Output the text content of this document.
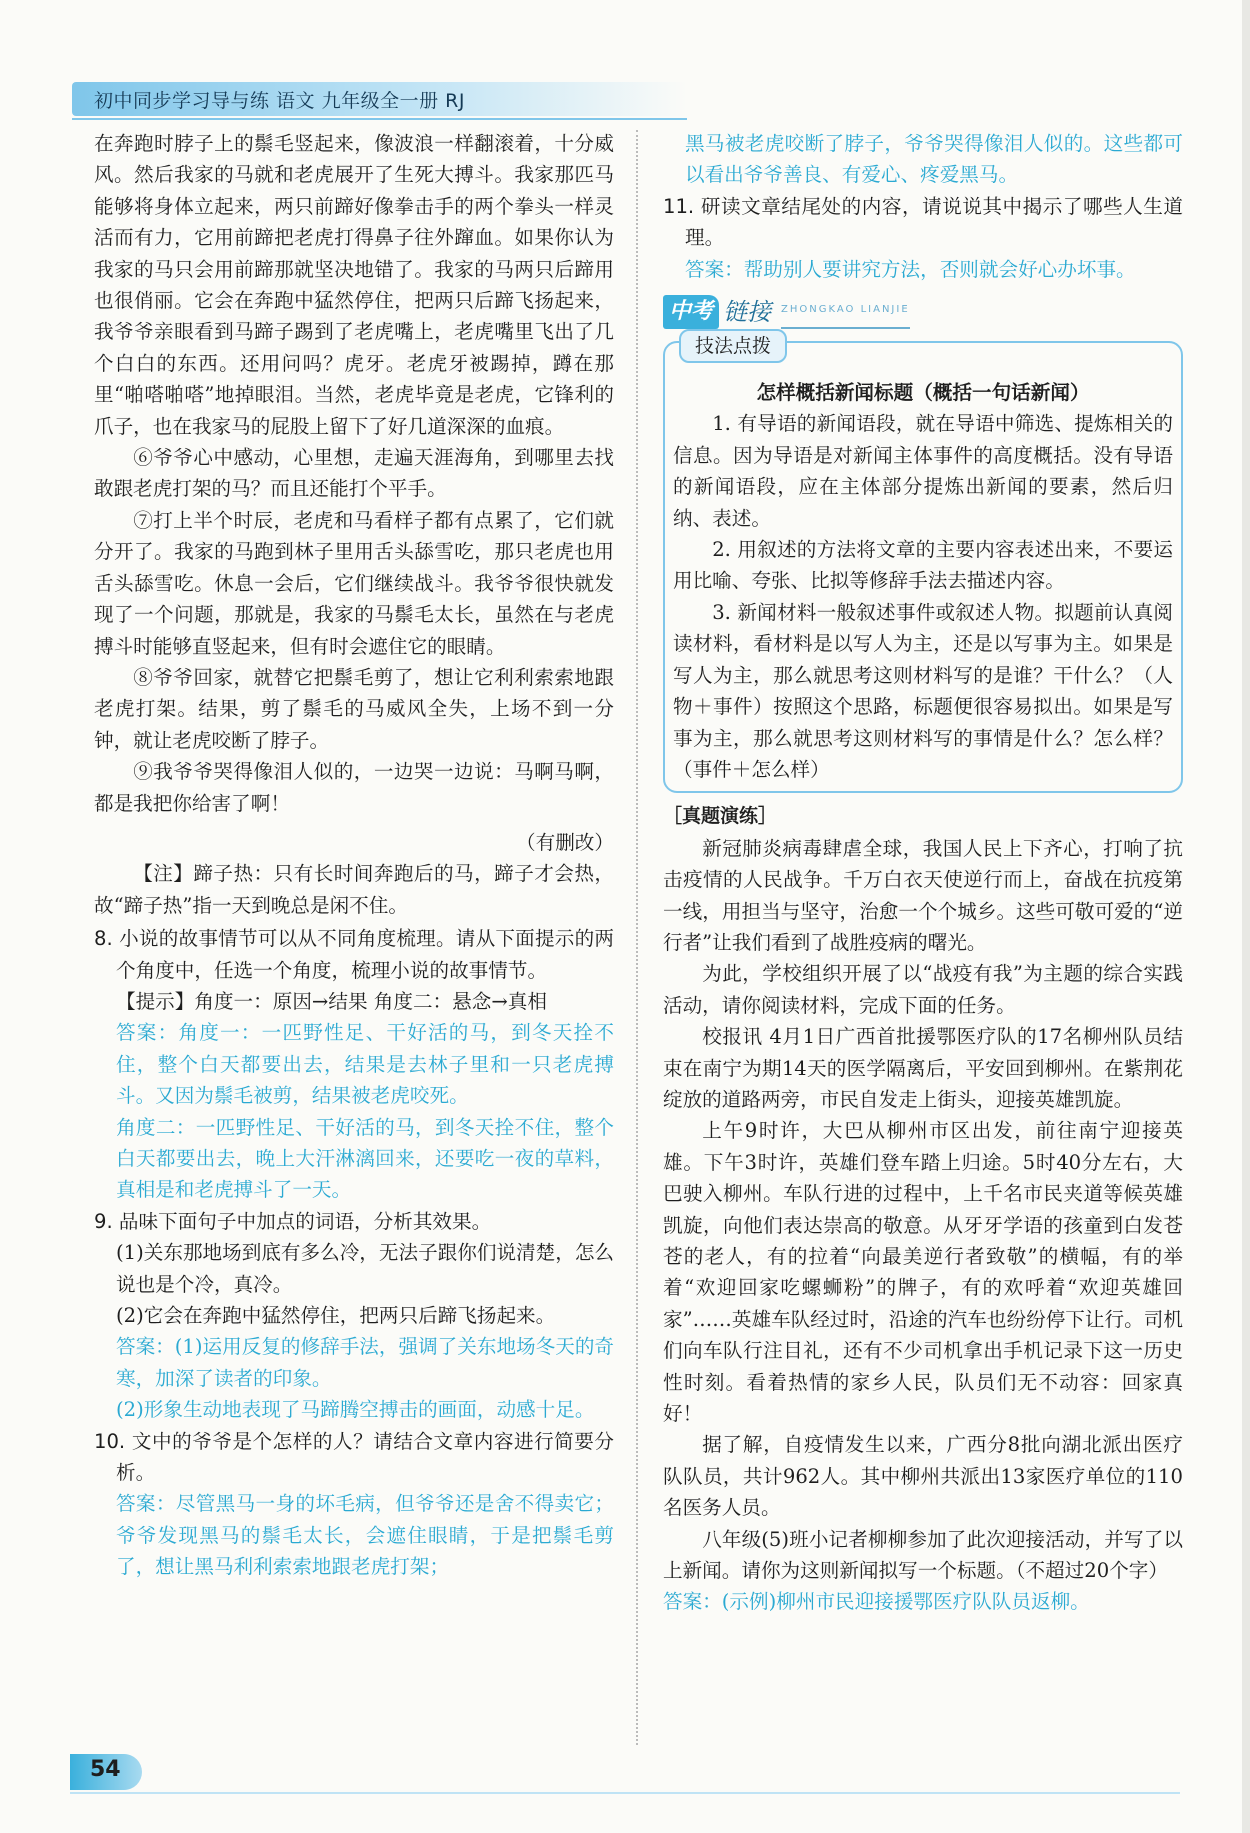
初中同步学习导与练 语文 九年级全一册 RJ

在奔跑时脖子上的鬃毛竖起来，像波浪一样翻滚着，十分威风。然后我家的马就和老虎展开了生死大搏斗。我家那匹马能够将身体立起来，两只前蹄好像拳击手的两个拳头一样灵活而有力，它用前蹄把老虎打得鼻子往外蹿血。如果你认为我家的马只会用前蹄那就坚决地错了。我家的马两只后蹄用也很俏丽。它会在奔跑中猛然停住，把两只后蹄飞扬起来，我爷爷亲眼看到马蹄子踢到了老虎嘴上，老虎嘴里飞出了几个白白的东西。还用问吗？虎牙。老虎牙被踢掉，蹲在那里“啪嗒啪嗒”地掉眼泪。当然，老虎毕竟是老虎，它锋利的爪子，也在我家马的屁股上留下了好几道深深的血痕。

⑥爷爷心中感动，心里想，走遍天涯海角，到哪里去找敢跟老虎打架的马？而且还能打个平手。

⑦打上半个时辰，老虎和马看样子都有点累了，它们就分开了。我家的马跑到林子里用舌头舔雪吃，那只老虎也用舌头舔雪吃。休息一会后，它们继续战斗。我爷爷很快就发现了一个问题，那就是，我家的马鬃毛太长，虽然在与老虎搏斗时能够直竖起来，但有时会遮住它的眼睛。

⑧爷爷回家，就替它把鬃毛剪了，想让它利利索索地跟老虎打架。结果，剪了鬃毛的马威风全失，上场不到一分钟，就让老虎咬断了脖子。

⑨我爷爷哭得像泪人似的，一边哭一边说：马啊马啊，都是我把你给害了啊！

（有删改）

【注】蹄子热：只有长时间奔跑后的马，蹄子才会热，故“蹄子热”指一天到晚总是闲不住。

8. 小说的故事情节可以从不同角度梳理。请从下面提示的两个角度中，任选一个角度，梳理小说的故事情节。

【提示】角度一：原因→结果 角度二：悬念→真相

答案：角度一：一匹野性足、干好活的马，到冬天拴不住，整个白天都要出去，结果是去林子里和一只老虎搏斗。又因为鬃毛被剪，结果被老虎咬死。

角度二：一匹野性足、干好活的马，到冬天拴不住，整个白天都要出去，晚上大汗淋漓回来，还要吃一夜的草料，真相是和老虎搏斗了一天。

9. 品味下面句子中加点的词语，分析其效果。

(1)关东那地场到底有多么冷，无法子跟你们说清楚，怎么说也是个冷，真冷。

(2)它会在奔跑中猛然停住，把两只后蹄飞扬起来。

答案：(1)运用反复的修辞手法，强调了关东地场冬天的奇寒，加深了读者的印象。

(2)形象生动地表现了马蹄腾空搏击的画面，动感十足。

10. 文中的爷爷是个怎样的人？请结合文章内容进行简要分析。

答案：尽管黑马一身的坏毛病，但爷爷还是舍不得卖它；爷爷发现黑马的鬃毛太长，会遮住眼睛，于是把鬃毛剪了，想让黑马利利索索地跟老虎打架；

黑马被老虎咬断了脖子，爷爷哭得像泪人似的。这些都可以看出爷爷善良、有爱心、疼爱黑马。

11. 研读文章结尾处的内容，请说说其中揭示了哪些人生道理。

答案：帮助别人要讲究方法，否则就会好心办坏事。

中考 链接 ZHONGKAO LIANJIE
技法点拨

怎样概括新闻标题（概括一句话新闻）

1. 有导语的新闻语段，就在导语中筛选、提炼相关的信息。因为导语是对新闻主体事件的高度概括。没有导语的新闻语段，应在主体部分提炼出新闻的要素，然后归纳、表述。

2. 用叙述的方法将文章的主要内容表述出来，不要运用比喻、夸张、比拟等修辞手法去描述内容。

3. 新闻材料一般叙述事件或叙述人物。拟题前认真阅读材料，看材料是以写人为主，还是以写事为主。如果是写人为主，那么就思考这则材料写的是谁？干什么？（人物＋事件）按照这个思路，标题便很容易拟出。如果是写事为主，那么就思考这则材料写的事情是什么？怎么样？（事件＋怎么样）

［真题演练］

新冠肺炎病毒肆虐全球，我国人民上下齐心，打响了抗击疫情的人民战争。千万白衣天使逆行而上，奋战在抗疫第一线，用担当与坚守，治愈一个个城乡。这些可敬可爱的“逆行者”让我们看到了战胜疫病的曙光。

为此，学校组织开展了以“战疫有我”为主题的综合实践活动，请你阅读材料，完成下面的任务。

校报讯 4月1日广西首批援鄂医疗队的17名柳州队员结束在南宁为期14天的医学隔离后，平安回到柳州。在紫荆花绽放的道路两旁，市民自发走上街头，迎接英雄凯旋。

上午9时许，大巴从柳州市区出发，前往南宁迎接英雄。下午3时许，英雄们登车踏上归途。5时40分左右，大巴驶入柳州。车队行进的过程中，上千名市民夹道等候英雄凯旋，向他们表达崇高的敬意。从牙牙学语的孩童到白发苍苍的老人，有的拉着“向最美逆行者致敬”的横幅，有的举着“欢迎回家吃螺蛳粉”的牌子，有的欢呼着“欢迎英雄回家”……英雄车队经过时，沿途的汽车也纷纷停下让行。司机们向车队行注目礼，还有不少司机拿出手机记录下这一历史性时刻。看着热情的家乡人民，队员们无不动容：回家真好！

据了解，自疫情发生以来，广西分8批向湖北派出医疗队队员，共计962人。其中柳州共派出13家医疗单位的110名医务人员。

八年级(5)班小记者柳柳参加了此次迎接活动，并写了以上新闻。请你为这则新闻拟写一个标题。（不超过20个字）

答案：(示例)柳州市民迎接援鄂医疗队队员返柳。

54
